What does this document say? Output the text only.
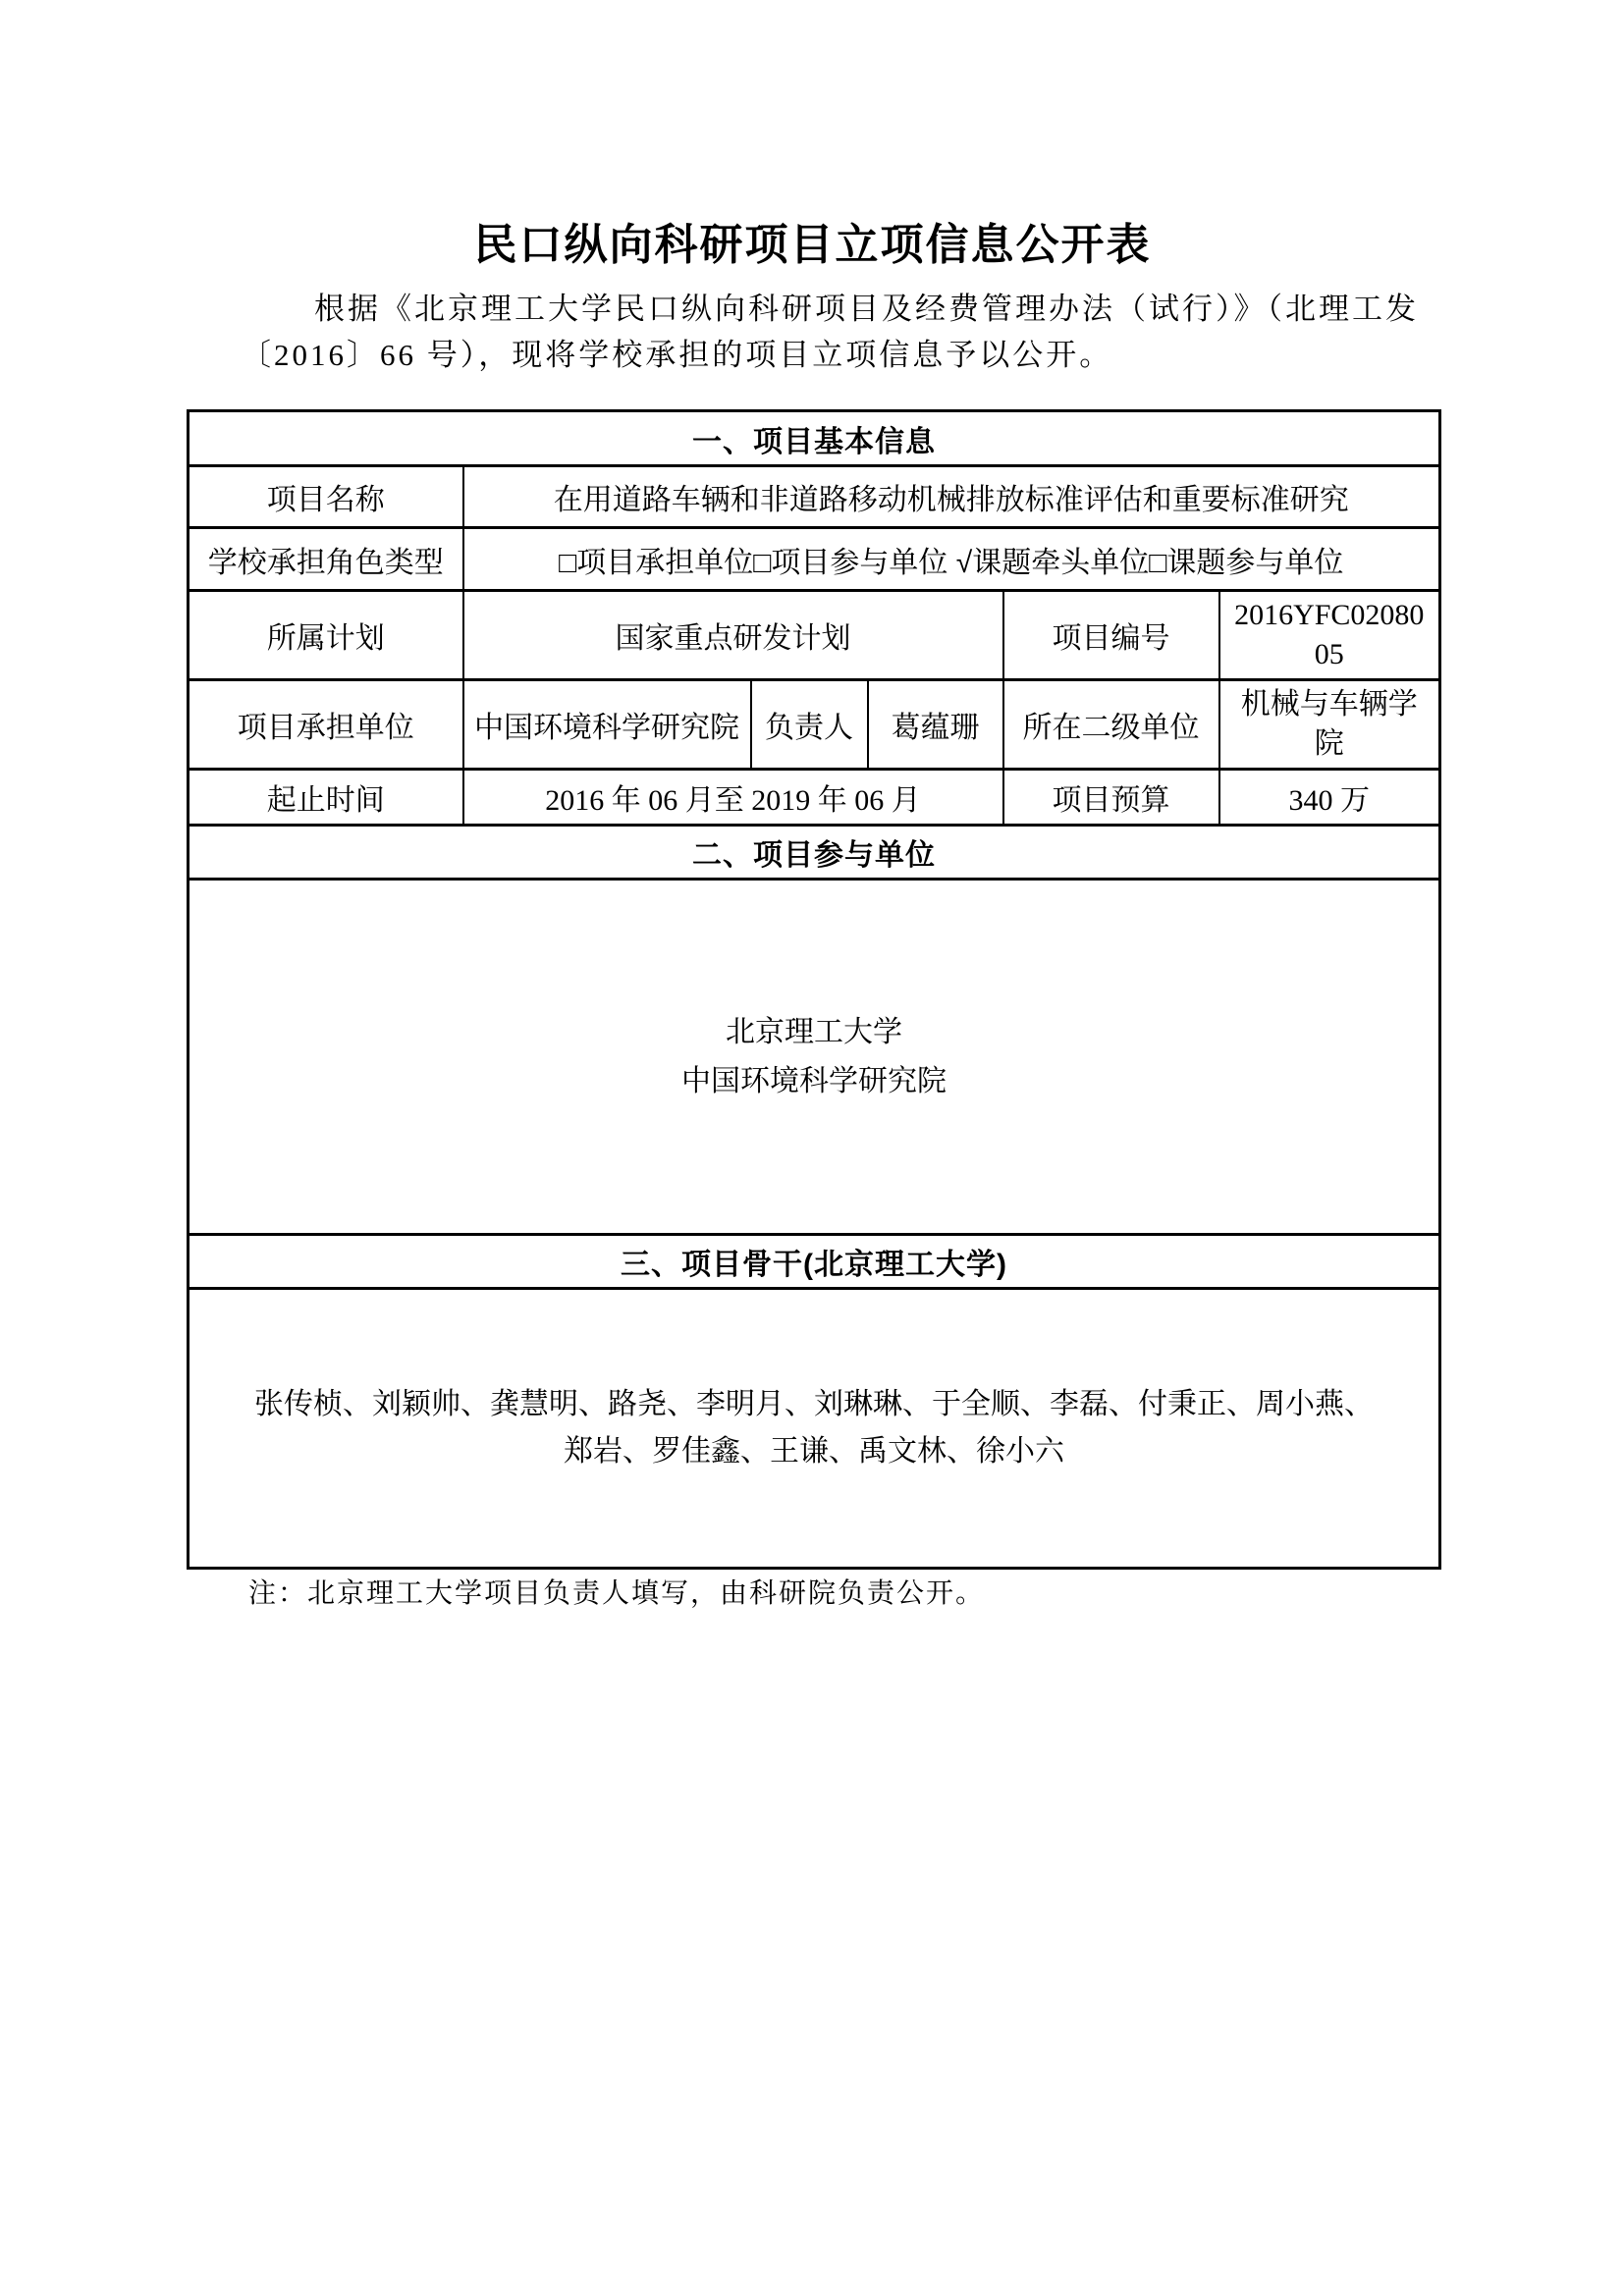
民口纵向科研项目立项信息公开表
根据《北京理工大学民口纵向科研项目及经费管理办法（试行）》（北理工发
〔2016〕66 号），现将学校承担的项目立项信息予以公开。
一、项目基本信息					
项目名称	在用道路车辆和非道路移动机械排放标准评估和重要标准研究				
学校承担角色类型	□项目承担单位□项目参与单位 √课题牵头单位□课题参与单位				
所属计划	国家重点研发计划			项目编号	2016YFC0208005
项目承担单位	中国环境科学研究院	负责人	葛蕴珊	所在二级单位	机械与车辆学院
起止时间	2016 年 06 月至 2019 年 06 月			项目预算	340 万
二、项目参与单位					

北京理工大学
中国环境科学研究院					

三、项目骨干(北京理工大学)					

张传桢、刘颖帅、龚慧明、路尧、李明月、刘琳琳、于全顺、李磊、付秉正、周小燕、
郑岩、罗佳鑫、王谦、禹文林、徐小六					
注：北京理工大学项目负责人填写，由科研院负责公开。
